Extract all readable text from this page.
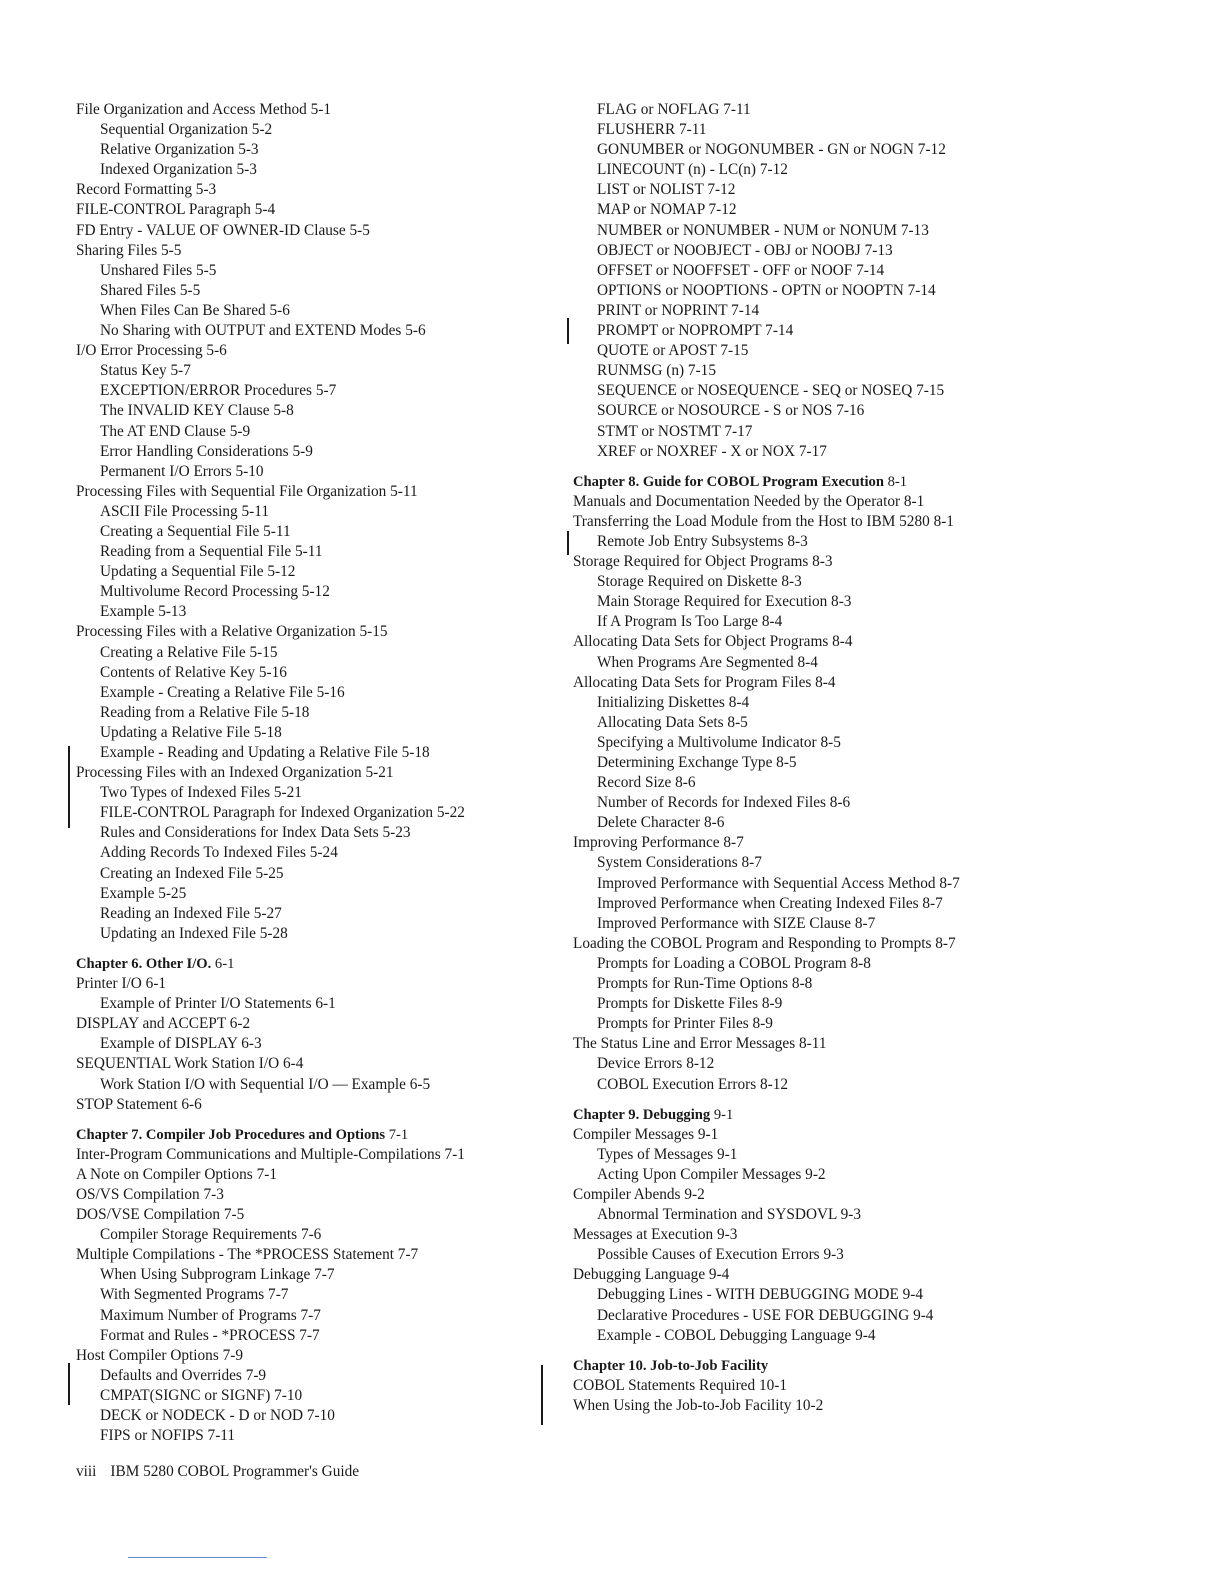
File Organization and Access Method 5-1
Sequential Organization 5-2
Relative Organization 5-3
Indexed Organization 5-3
Record Formatting 5-3
FILE-CONTROL Paragraph 5-4
FD Entry - VALUE OF OWNER-ID Clause 5-5
Sharing Files 5-5
Unshared Files 5-5
Shared Files 5-5
When Files Can Be Shared 5-6
No Sharing with OUTPUT and EXTEND Modes 5-6
I/O Error Processing 5-6
Status Key 5-7
EXCEPTION/ERROR Procedures 5-7
The INVALID KEY Clause 5-8
The AT END Clause 5-9
Error Handling Considerations 5-9
Permanent I/O Errors 5-10
Processing Files with Sequential File Organization 5-11
ASCII File Processing 5-11
Creating a Sequential File 5-11
Reading from a Sequential File 5-11
Updating a Sequential File 5-12
Multivolume Record Processing 5-12
Example 5-13
Processing Files with a Relative Organization 5-15
Creating a Relative File 5-15
Contents of Relative Key 5-16
Example - Creating a Relative File 5-16
Reading from a Relative File 5-18
Updating a Relative File 5-18
Example - Reading and Updating a Relative File 5-18
Processing Files with an Indexed Organization 5-21
Two Types of Indexed Files 5-21
FILE-CONTROL Paragraph for Indexed Organization 5-22
Rules and Considerations for Index Data Sets 5-23
Adding Records To Indexed Files 5-24
Creating an Indexed File 5-25
Example 5-25
Reading an Indexed File 5-27
Updating an Indexed File 5-28
Chapter 6. Other I/O. 6-1
Printer I/O 6-1
Example of Printer I/O Statements 6-1
DISPLAY and ACCEPT 6-2
Example of DISPLAY 6-3
SEQUENTIAL Work Station I/O 6-4
Work Station I/O with Sequential I/O — Example 6-5
STOP Statement 6-6
Chapter 7. Compiler Job Procedures and Options 7-1
Inter-Program Communications and Multiple-Compilations 7-1
A Note on Compiler Options 7-1
OS/VS Compilation 7-3
DOS/VSE Compilation 7-5
Compiler Storage Requirements 7-6
Multiple Compilations - The *PROCESS Statement 7-7
When Using Subprogram Linkage 7-7
With Segmented Programs 7-7
Maximum Number of Programs 7-7
Format and Rules - *PROCESS 7-7
Host Compiler Options 7-9
Defaults and Overrides 7-9
CMPAT(SIGNC or SIGNF) 7-10
DECK or NODECK - D or NOD 7-10
FIPS or NOFIPS 7-11
FLAG or NOFLAG 7-11
FLUSHERR 7-11
GONUMBER or NOGONUMBER - GN or NOGN 7-12
LINECOUNT (n) - LC(n) 7-12
LIST or NOLIST 7-12
MAP or NOMAP 7-12
NUMBER or NONUMBER - NUM or NONUM 7-13
OBJECT or NOOBJECT - OBJ or NOOBJ 7-13
OFFSET or NOOFFSET - OFF or NOOF 7-14
OPTIONS or NOOPTIONS - OPTN or NOOPTN 7-14
PRINT or NOPRINT 7-14
PROMPT or NOPROMPT 7-14
QUOTE or APOST 7-15
RUNMSG (n) 7-15
SEQUENCE or NOSEQUENCE - SEQ or NOSEQ 7-15
SOURCE or NOSOURCE - S or NOS 7-16
STMT or NOSTMT 7-17
XREF or NOXREF - X or NOX 7-17
Chapter 8. Guide for COBOL Program Execution 8-1
Manuals and Documentation Needed by the Operator 8-1
Transferring the Load Module from the Host to IBM 5280 8-1
Remote Job Entry Subsystems 8-3
Storage Required for Object Programs 8-3
Storage Required on Diskette 8-3
Main Storage Required for Execution 8-3
If A Program Is Too Large 8-4
Allocating Data Sets for Object Programs 8-4
When Programs Are Segmented 8-4
Allocating Data Sets for Program Files 8-4
Initializing Diskettes 8-4
Allocating Data Sets 8-5
Specifying a Multivolume Indicator 8-5
Determining Exchange Type 8-5
Record Size 8-6
Number of Records for Indexed Files 8-6
Delete Character 8-6
Improving Performance 8-7
System Considerations 8-7
Improved Performance with Sequential Access Method 8-7
Improved Performance when Creating Indexed Files 8-7
Improved Performance with SIZE Clause 8-7
Loading the COBOL Program and Responding to Prompts 8-7
Prompts for Loading a COBOL Program 8-8
Prompts for Run-Time Options 8-8
Prompts for Diskette Files 8-9
Prompts for Printer Files 8-9
The Status Line and Error Messages 8-11
Device Errors 8-12
COBOL Execution Errors 8-12
Chapter 9. Debugging 9-1
Compiler Messages 9-1
Types of Messages 9-1
Acting Upon Compiler Messages 9-2
Compiler Abends 9-2
Abnormal Termination and SYSDOVL 9-3
Messages at Execution 9-3
Possible Causes of Execution Errors 9-3
Debugging Language 9-4
Debugging Lines - WITH DEBUGGING MODE 9-4
Declarative Procedures - USE FOR DEBUGGING 9-4
Example - COBOL Debugging Language 9-4
Chapter 10. Job-to-Job Facility
COBOL Statements Required 10-1
When Using the Job-to-Job Facility 10-2
viii IBM 5280 COBOL Programmer's Guide
